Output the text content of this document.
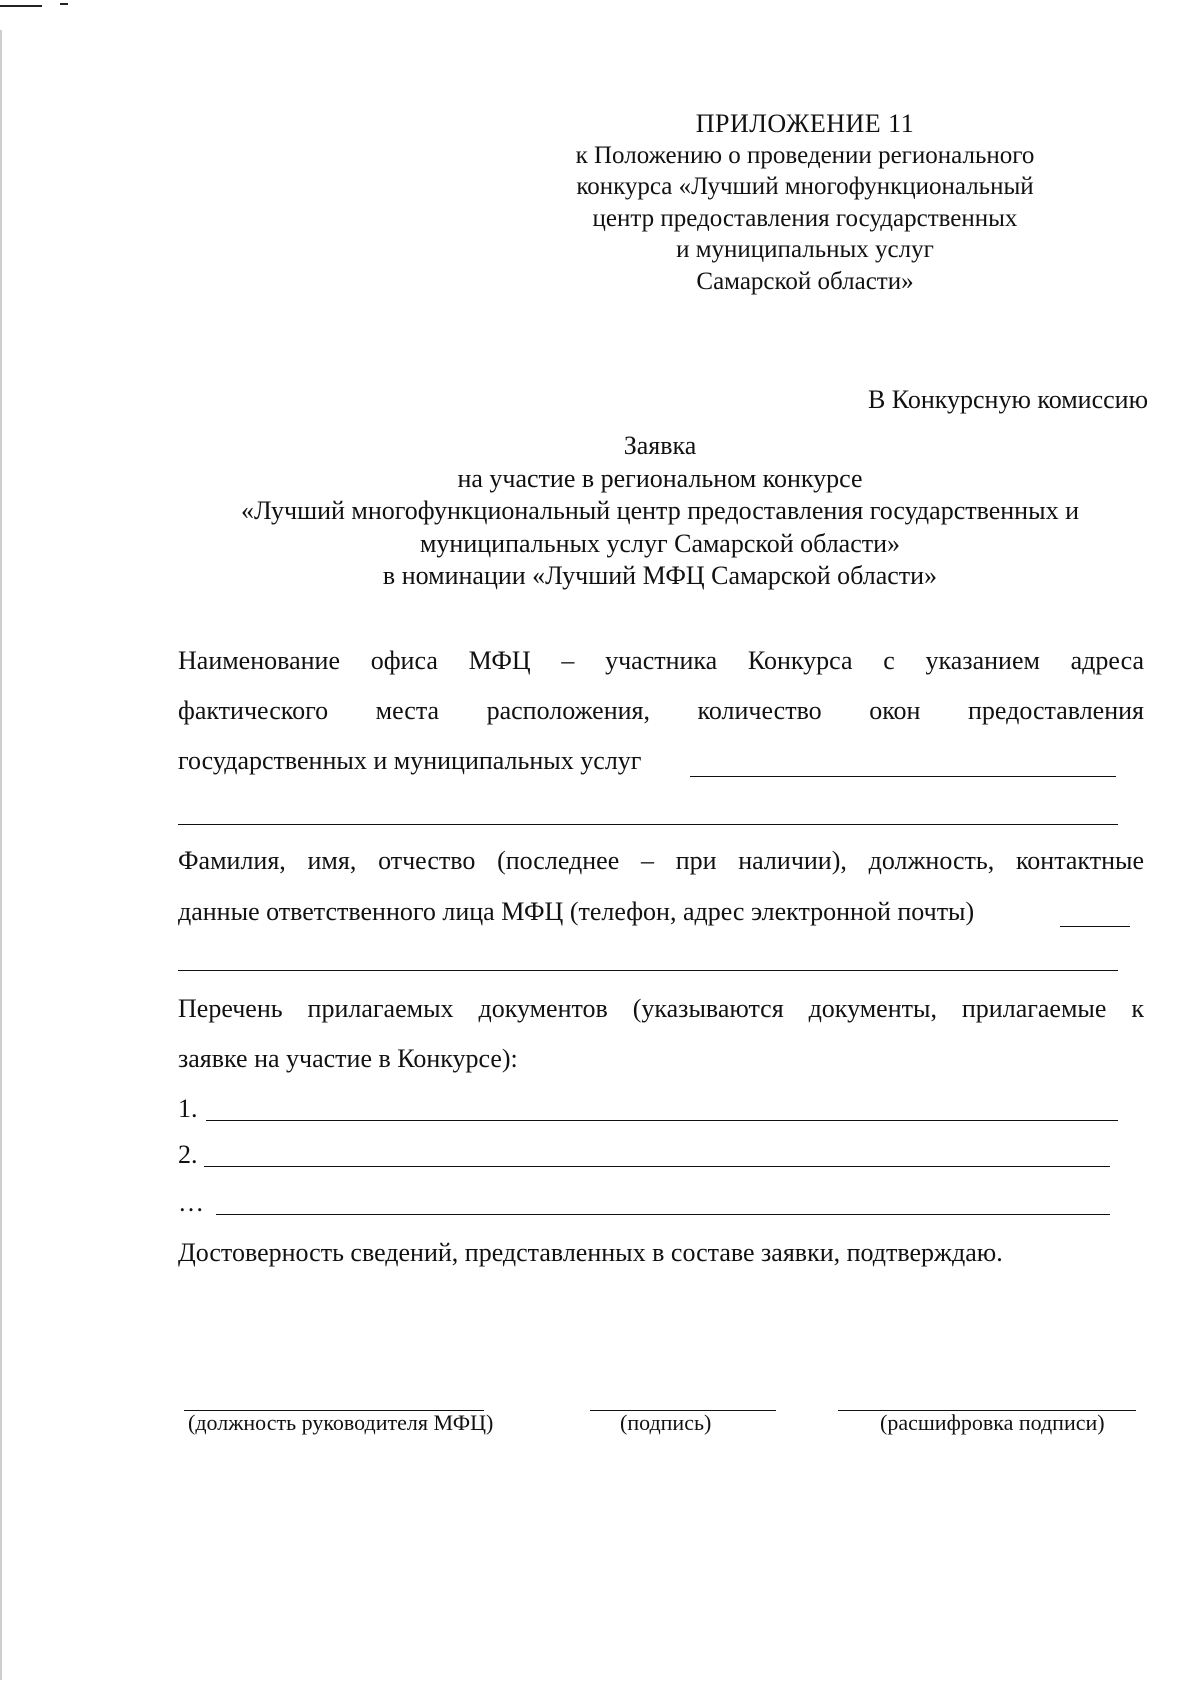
ПРИЛОЖЕНИЕ 11
к Положению о проведении регионального
конкурса «Лучший многофункциональный
центр предоставления государственных
и муниципальных услуг
Самарской области»
В Конкурсную комиссию
Заявка
на участие в региональном конкурсе
«Лучший многофункциональный центр предоставления государственных и
муниципальных услуг Самарской области»
в номинации «Лучший МФЦ Самарской области»
Наименование офиса МФЦ – участника Конкурса с указанием адреса
фактического места расположения, количество окон предоставления
государственных и муниципальных услуг
Фамилия, имя, отчество (последнее – при наличии), должность, контактные
данные ответственного лица МФЦ (телефон, адрес электронной почты)
Перечень прилагаемых документов (указываются документы, прилагаемые к
заявке на участие в Конкурсе):
1.
2.
…
Достоверность сведений, представленных в составе заявки, подтверждаю.
(должность руководителя МФЦ)	(подпись)	(расшифровка подписи)
